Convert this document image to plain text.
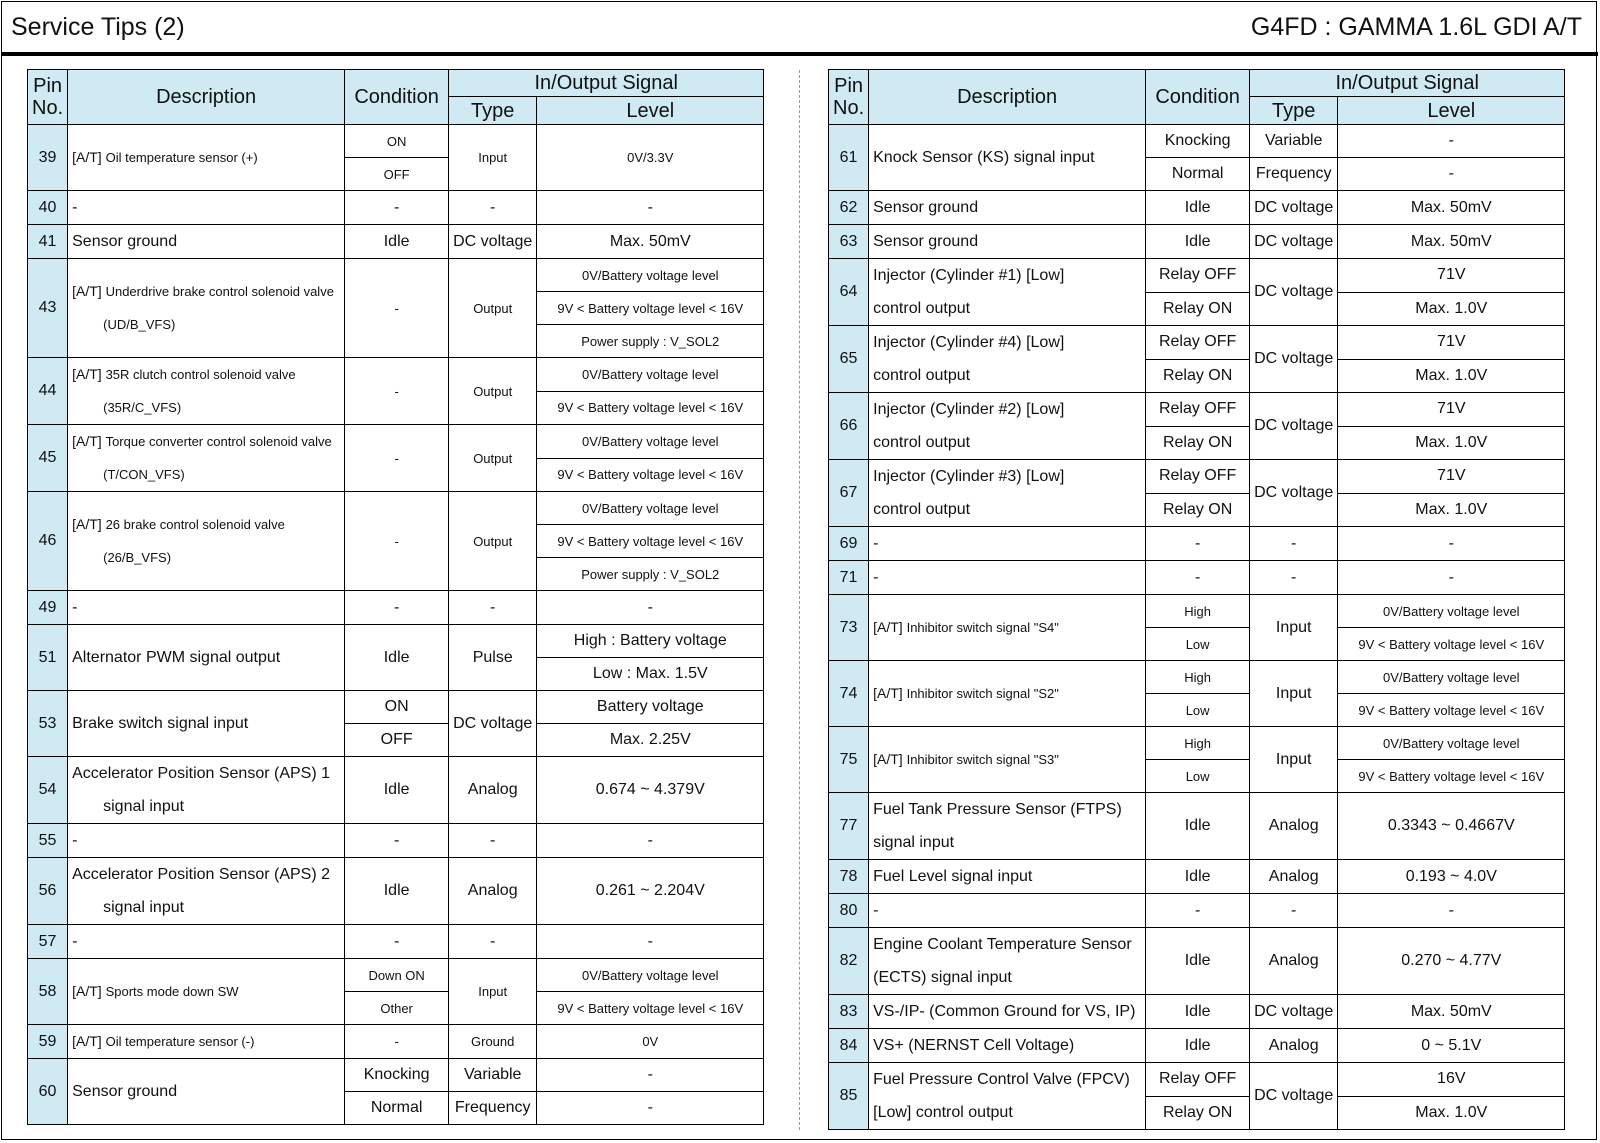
Service Tips (2)	G4FD : GAMMA 1.6L GDI A/T
Pin
No.	Description	Condition	In/Output Signal	
			Type	Level
39	[A/T] Oil temperature sensor (+)	ON	Input	0V/3.3V
		OFF		
40	-	-	-	-
41	Sensor ground	Idle	DC voltage	Max. 50mV
43	[A/T] Underdrive brake control solenoid valve
(UD/B_VFS)	-	Output	0V/Battery voltage level
				9V < Battery voltage level < 16V
				Power supply : V_SOL2
44	[A/T] 35R clutch control solenoid valve
(35R/C_VFS)	-	Output	0V/Battery voltage level
				9V < Battery voltage level < 16V
45	[A/T] Torque converter control solenoid valve
(T/CON_VFS)	-	Output	0V/Battery voltage level
				9V < Battery voltage level < 16V
46	[A/T] 26 brake control solenoid valve
(26/B_VFS)	-	Output	0V/Battery voltage level
				9V < Battery voltage level < 16V
				Power supply : V_SOL2
49	-	-	-	-
51	Alternator PWM signal output	Idle	Pulse	High : Battery voltage
				Low : Max. 1.5V
53	Brake switch signal input	ON	DC voltage	Battery voltage
		OFF		Max. 2.25V
54	Accelerator Position Sensor (APS) 1
signal input	Idle	Analog	0.674 ~ 4.379V
55	-	-	-	-
56	Accelerator Position Sensor (APS) 2
signal input	Idle	Analog	0.261 ~ 2.204V
57	-	-	-	-
58	[A/T] Sports mode down SW	Down ON	Input	0V/Battery voltage level
		Other		9V < Battery voltage level < 16V
59	[A/T] Oil temperature sensor (-)	-	Ground	0V
60	Sensor ground	Knocking	Variable	-
		Normal	Frequency	-
Pin
No.	Description	Condition	In/Output Signal	
			Type	Level
61	Knock Sensor (KS) signal input	Knocking	Variable	-
		Normal	Frequency	-
62	Sensor ground	Idle	DC voltage	Max. 50mV
63	Sensor ground	Idle	DC voltage	Max. 50mV
64	Injector (Cylinder #1) [Low]
control output	Relay OFF	DC voltage	71V
		Relay ON		Max. 1.0V
65	Injector (Cylinder #4) [Low]
control output	Relay OFF	DC voltage	71V
		Relay ON		Max. 1.0V
66	Injector (Cylinder #2) [Low]
control output	Relay OFF	DC voltage	71V
		Relay ON		Max. 1.0V
67	Injector (Cylinder #3) [Low]
control output	Relay OFF	DC voltage	71V
		Relay ON		Max. 1.0V
69	-	-	-	-
71	-	-	-	-
73	[A/T] Inhibitor switch signal "S4"	High	Input	0V/Battery voltage level
		Low		9V < Battery voltage level < 16V
74	[A/T] Inhibitor switch signal "S2"	High	Input	0V/Battery voltage level
		Low		9V < Battery voltage level < 16V
75	[A/T] Inhibitor switch signal "S3"	High	Input	0V/Battery voltage level
		Low		9V < Battery voltage level < 16V
77	Fuel Tank Pressure Sensor (FTPS)
signal input	Idle	Analog	0.3343 ~ 0.4667V
78	Fuel Level signal input	Idle	Analog	0.193 ~ 4.0V
80	-	-	-	-
82	Engine Coolant Temperature Sensor
(ECTS) signal input	Idle	Analog	0.270 ~ 4.77V
83	VS-/IP- (Common Ground for VS, IP)	Idle	DC voltage	Max. 50mV
84	VS+ (NERNST Cell Voltage)	Idle	Analog	0 ~ 5.1V
85	Fuel Pressure Control Valve (FPCV)
[Low] control output	Relay OFF	DC voltage	16V
		Relay ON		Max. 1.0V
